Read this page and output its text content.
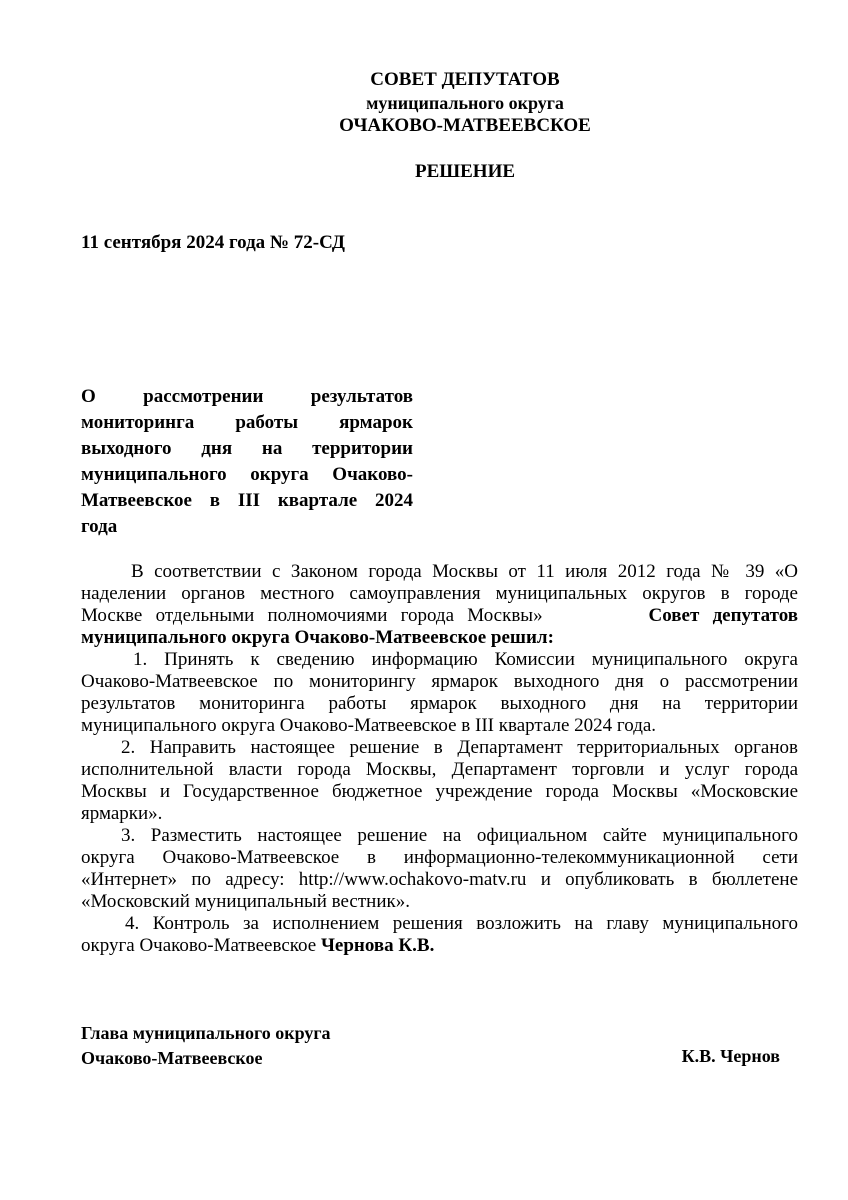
СОВЕТ ДЕПУТАТОВ
муниципального округа
ОЧАКОВО-МАТВЕЕВСКОЕ
РЕШЕНИЕ
11 сентября 2024 года № 72-СД
О рассмотрении результатов
мониторинга работы ярмарок
выходного дня на территории
муниципального округа Очаково-
Матвеевское в III квартале 2024
года
В соответствии с Законом города Москвы от 11 июля 2012 года № 39 «О
наделении органов местного самоуправления муниципальных округов в городе
Москве отдельными полномочиями города Москвы»	Совет депутатов
муниципального округа Очаково-Матвеевское решил:
1. Принять к сведению информацию Комиссии муниципального округа
Очаково-Матвеевское по мониторингу ярмарок выходного дня о рассмотрении
результатов мониторинга работы ярмарок выходного дня на территории
муниципального округа Очаково-Матвеевское в III квартале 2024 года.
2. Направить настоящее решение в Департамент территориальных органов
исполнительной власти города Москвы, Департамент торговли и услуг города
Москвы и Государственное бюджетное учреждение города Москвы «Московские
ярмарки».
3. Разместить настоящее решение на официальном сайте муниципального
округа Очаково-Матвеевское в информационно-телекоммуникационной сети
«Интернет» по адресу: http://www.ochakovo-matv.ru и опубликовать в бюллетене
«Московский муниципальный вестник».
4. Контроль за исполнением решения возложить на главу муниципального
округа Очаково-Матвеевское Чернова К.В.
Глава муниципального округа
Очаково-Матвеевское	К.В. Чернов
